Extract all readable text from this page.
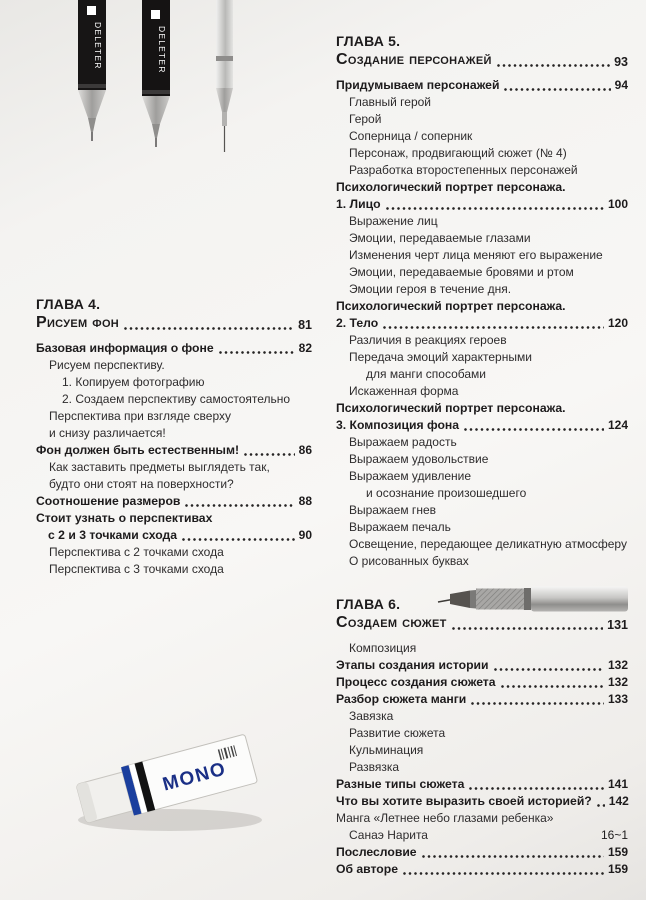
DELETER	DELETER
ГЛАВА 4.
Рисуем фон	81
Базовая информация о фоне	82
Рисуем перспективу.
1. Копируем фотографию
2. Создаем перспективу самостоятельно
Перспектива при взгляде сверху
и снизу различается!
Фон должен быть естественным!	86
Как заставить предметы выглядеть так,
будто они стоят на поверхности?
Соотношение размеров	88
Стоит узнать о перспективах
с 2 и 3 точками схода	90
Перспектива с 2 точками схода
Перспектива с 3 точками схода
ГЛАВА 5.
Создание персонажей	93
Придумываем персонажей	94
Главный герой
Герой
Соперница / соперник
Персонаж, продвигающий сюжет (№ 4)
Разработка второстепенных персонажей
Психологический портрет персонажа.
1. Лицо	100
Выражение лиц
Эмоции, передаваемые глазами
Изменения черт лица меняют его выражение
Эмоции, передаваемые бровями и ртом
Эмоции героя в течение дня.
Психологический портрет персонажа.
2. Тело	120
Различия в реакциях героев
Передача эмоций характерными
для манги способами
Искаженная форма
Психологический портрет персонажа.
3. Композиция фона	124
Выражаем радость
Выражаем удовольствие
Выражаем удивление
и осознание произошедшего
Выражаем гнев
Выражаем печаль
Освещение, передающее деликатную атмосферу
О рисованных буквах
ГЛАВА 6.
Создаем сюжет	131
Композиция
Этапы создания истории	132
Процесс создания сюжета	132
Разбор сюжета манги	133
Завязка
Развитие сюжета
Кульминация
Развязка
Разные типы сюжета	141
Что вы хотите выразить своей историей? 142
Манга «Летнее небо глазами ребенка»
Санаэ Нарита	16~1
Послесловие	159
Об авторе	159
MONO
